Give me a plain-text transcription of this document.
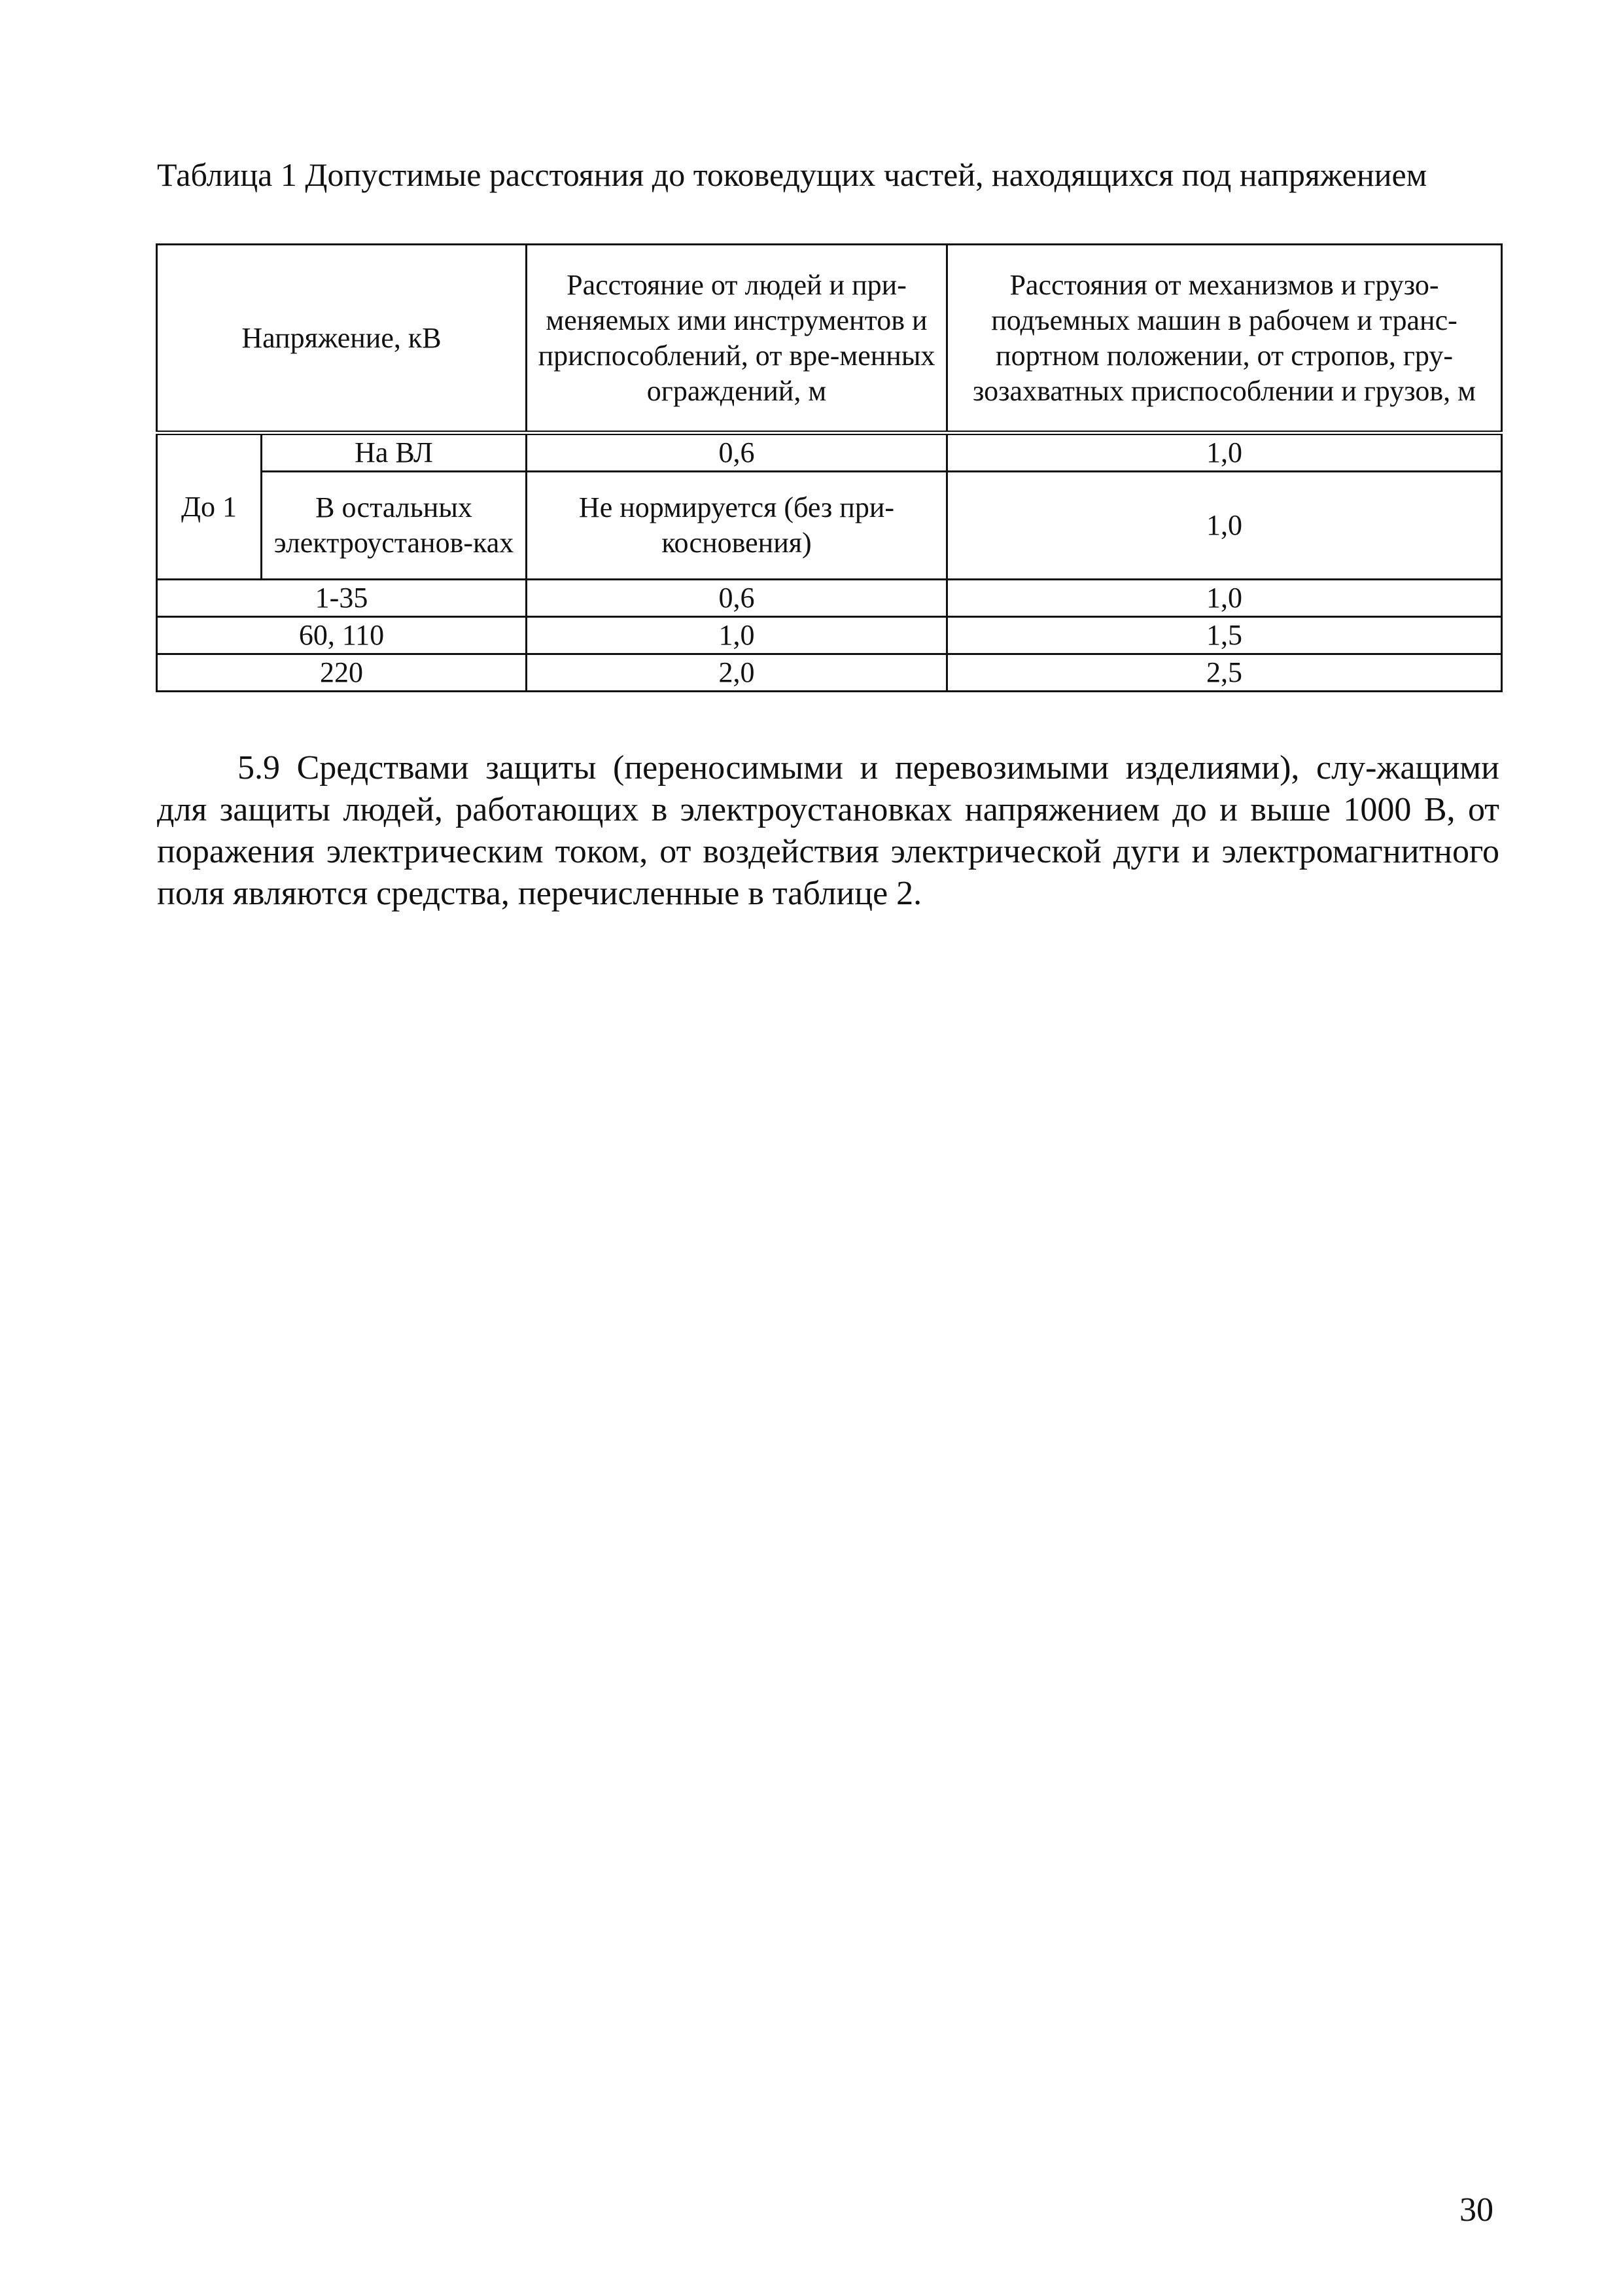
Таблица 1 Допустимые расстояния до токоведущих частей, находящихся под напряжением
Напряжение, кВ		Расстояние от людей и при-меняемых ими инструментов и приспособлений, от вре-менных ограждений, м	Расстояния от механизмов и грузо-подъемных машин в рабочем и транс-портном положении, от стропов, гру-зозахватных приспособлении и грузов, м
До 1	На ВЛ	0,6	1,0
	В остальных электроустанов-ках	Не нормируется (без при-косновения)	1,0
1-35		0,6	1,0
60, 110		1,0	1,5
220		2,0	2,5
5.9 Средствами защиты (переносимыми и перевозимыми изделиями), слу-жащими для защиты людей, работающих в электроустановках напряжением до и выше 1000 В, от поражения электрическим током, от воздействия электрической дуги и электромагнитного поля являются средства, перечисленные в таблице 2.
30
